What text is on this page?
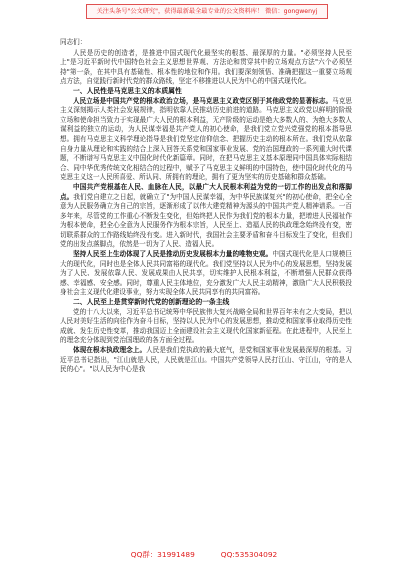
关注头条号"公文研究"，获得最新最全最专业的公文资料库！ 微信：gongwenyj

同志们：

人民是历史的创造者，是推进中国式现代化最坚实的根基、最深厚的力量。"必须坚持人民至上"是习近平新时代中国特色社会主义思想世界观、方法论和贯穿其中的立场观点方法"六个必须坚持"第一条，在其中具有基础性、根本性的地位和作用。我们要深刻领悟、准确把握这一重要立场观点方法，自觉践行新时代党的群众路线，坚定不移推进以人民为中心的中国式现代化。

一、人民性是马克思主义的本质属性

人民立场是中国共产党的根本政治立场，是马克思主义政党区别于其他政党的显著标志。马克思主义深刻揭示人类社会发展规律，指明依靠人民推动历史前进的道路。马克思主义政党以鲜明的阶级立场和使命担当致力于实现最广大人民的根本利益，无产阶级的运动是绝大多数人的、为绝大多数人谋利益的独立的运动，为人民谋幸福是共产党人的初心使命，是我们党立党兴党强党的根本指导思想。拥有马克思主义科学理论指导是我们党坚定信仰信念、把握历史主动的根本所在。我们党从依靠自身力量从理论和实践的结合上深入回答关系党和国家事业发展、党的治国理政的一系列重大时代课题，不断谱写马克思主义中国化时代化新篇章。同时，在把马克思主义基本原理同中国具体实际相结合、同中华优秀传统文化相结合的过程中，赋予了马克思主义鲜明的中国特色，使中国化时代化的马克思主义这一人民所喜爱、所认同、所拥有的理论，拥有了更为坚实的历史基础和群众基础。

中国共产党根基在人民、血脉在人民，以最广大人民根本利益为党的一切工作的出发点和落脚点。我们党自建立之日起，就确立了"为中国人民谋幸福，为中华民族谋复兴"的初心使命，把全心全意为人民服务确立为自己的宗旨，逐渐形成了以伟大建党精神为源头的中国共产党人精神谱系。一百多年来，尽管党的工作重心不断发生变化，但始终把人民作为我们党的根本力量，把增进人民福祉作为根本使命，把全心全意为人民服务作为根本宗旨，人民至上、造福人民的执政理念始终没有变，密切联系群众的工作路线始终没有变。进入新时代，我国社会主要矛盾和奋斗目标发生了变化，但我们党的出发点落脚点，依然是一切为了人民、造福人民。

坚持人民至上生动体现了人民是推动历史发展根本力量的唯物史观。中国式现代化是人口规模巨大的现代化，同时也是全体人民共同富裕的现代化。我们党坚持以人民为中心的发展思想，坚持发展为了人民、发展依靠人民、发展成果由人民共享，切实维护人民根本利益，不断增强人民群众获得感、幸福感、安全感。同时，尊重人民主体地位，充分激发广大人民主动精神，激励广大人民积极投身社会主义现代化建设事业，努力实现全体人民共同享有的共同富裕。

二、人民至上是贯穿新时代党的创新理论的一条主线

党的十八大以来，习近平总书记统筹中华民族伟大复兴战略全局和世界百年未有之大变局，把以人民对美好生活的向往作为奋斗目标，坚持以人民为中心的发展思想，推动党和国家事业取得历史性成就、发生历史性变革，推动我国迈上全面建设社会主义现代化国家新征程。在此进程中，人民至上的理念充分体现到党治国理政的各方面全过程。

体现在根本执政理念上。人民是我们党执政的最大底气，是党和国家事业发展最深厚的根基。习近平总书记指出，"江山就是人民，人民就是江山。中国共产党领导人民打江山、守江山，守的是人民的心"。"以人民为中心是我

QQ群：31991489	QQ:535304092
